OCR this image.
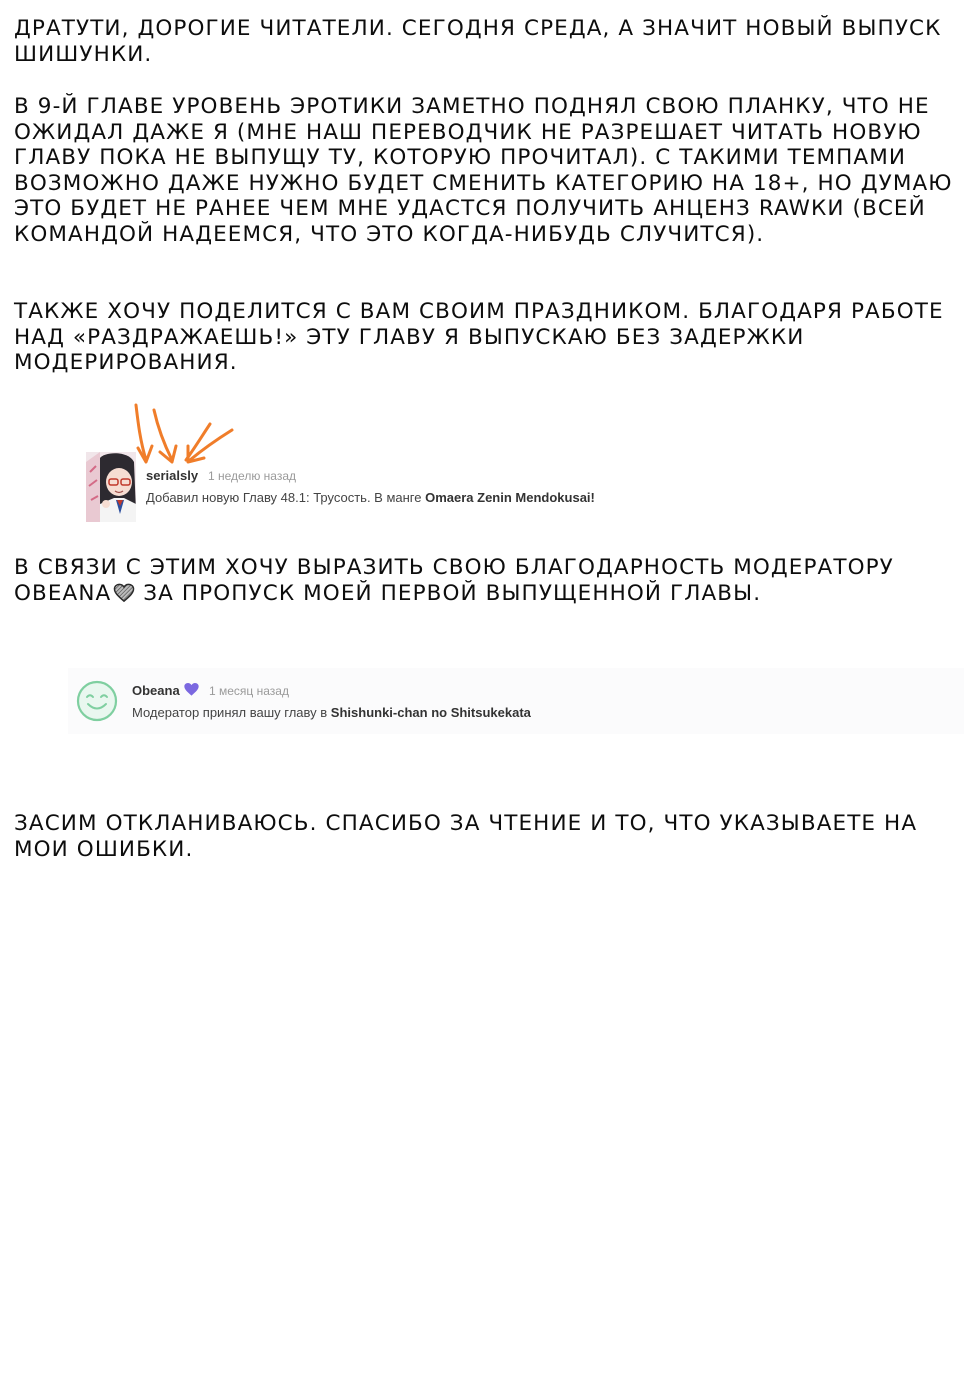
ДРАТУТИ, ДОРОГИЕ ЧИТАТЕЛИ. СЕГОДНЯ СРЕДА, А ЗНАЧИТ НОВЫЙ ВЫПУСК ШИШУНКИ.

В 9-Й ГЛАВЕ УРОВЕНЬ ЭРОТИКИ ЗАМЕТНО ПОДНЯЛ СВОЮ ПЛАНКУ, ЧТО НЕ ОЖИДАЛ ДАЖЕ Я (МНЕ НАШ ПЕРЕВОДЧИК НЕ РАЗРЕШАЕТ ЧИТАТЬ НОВУЮ ГЛАВУ ПОКА НЕ ВЫПУЩУ ТУ, КОТОРУЮ ПРОЧИТАЛ). С ТАКИМИ ТЕМПАМИ ВОЗМОЖНО ДАЖЕ НУЖНО БУДЕТ СМЕНИТЬ КАТЕГОРИЮ НА 18+, НО ДУМАЮ ЭТО БУДЕТ НЕ РАНЕЕ ЧЕМ МНЕ УДАСТСЯ ПОЛУЧИТЬ АНЦЕНЗ RAWКИ (ВСЕЙ КОМАНДОЙ НАДЕЕМСЯ, ЧТО ЭТО КОГДА-НИБУДЬ СЛУЧИТСЯ).

ТАКЖЕ ХОЧУ ПОДЕЛИТСЯ С ВАМ СВОИМ ПРАЗДНИКОМ. БЛАГОДАРЯ РАБОТЕ НАД «РАЗДРАЖАЕШЬ!» ЭТУ ГЛАВУ Я ВЫПУСКАЮ БЕЗ ЗАДЕРЖКИ МОДЕРИРОВАНИЯ.

serialsly 1 неделю назад
Добавил новую Главу 48.1: Трусость. В манге Omaera Zenin Mendokusai!

В СВЯЗИ С ЭТИМ ХОЧУ ВЫРАЗИТЬ СВОЮ БЛАГОДАРНОСТЬ МОДЕРАТОРУ OBEANA ЗА ПРОПУСК МОЕЙ ПЕРВОЙ ВЫПУЩЕННОЙ ГЛАВЫ.

Obeana 1 месяц назад
Модератор принял вашу главу в Shishunki-chan no Shitsukekata

ЗАСИМ ОТКЛАНИВАЮСЬ. СПАСИБО ЗА ЧТЕНИЕ И ТО, ЧТО УКАЗЫВАЕТЕ НА МОИ ОШИБКИ.
